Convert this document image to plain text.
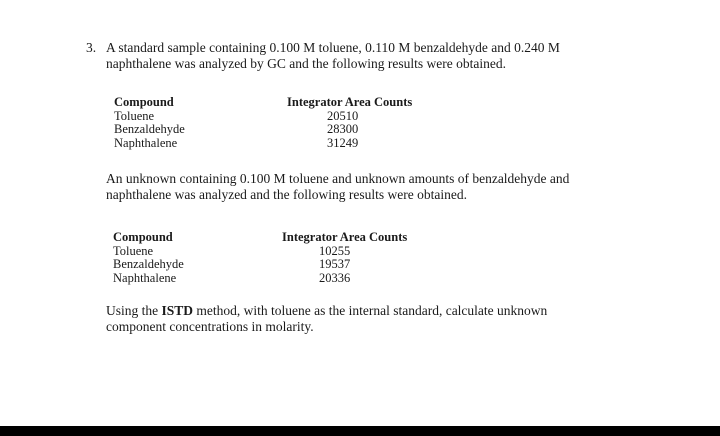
3. A standard sample containing 0.100 M toluene, 0.110 M benzaldehyde and 0.240 M
naphthalene was analyzed by GC and the following results were obtained.
Compound	Integrator Area Counts
Toluene	20510
Benzaldehyde	28300
Naphthalene	31249
An unknown containing 0.100 M toluene and unknown amounts of benzaldehyde and
naphthalene was analyzed and the following results were obtained.
Compound	Integrator Area Counts
Toluene	10255
Benzaldehyde	19537
Naphthalene	20336
Using the ISTD method, with toluene as the internal standard, calculate unknown
component concentrations in molarity.
